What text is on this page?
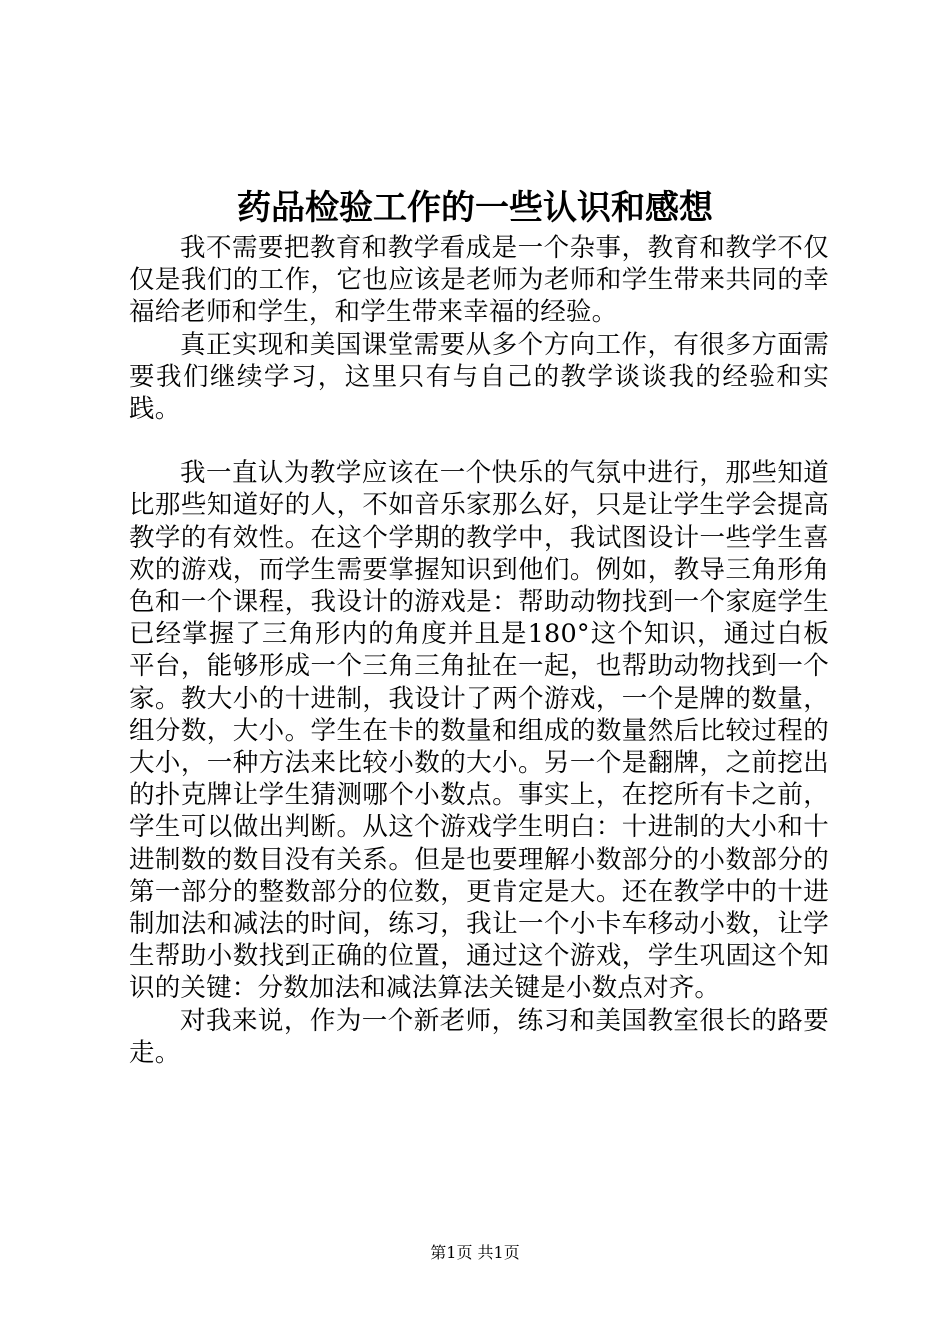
药品检验工作的一些认识和感想

我不需要把教育和教学看成是一个杂事，教育和教学不仅仅是我们的工作，它也应该是老师为老师和学生带来共同的幸福给老师和学生，和学生带来幸福的经验。

真正实现和美国课堂需要从多个方向工作，有很多方面需要我们继续学习，这里只有与自己的教学谈谈我的经验和实践。

我一直认为教学应该在一个快乐的气氛中进行，那些知道比那些知道好的人，不如音乐家那么好，只是让学生学会提高教学的有效性。在这个学期的教学中，我试图设计一些学生喜欢的游戏，而学生需要掌握知识到他们。例如，教导三角形角色和一个课程，我设计的游戏是：帮助动物找到一个家庭学生已经掌握了三角形内的角度并且是180°这个知识，通过白板平台，能够形成一个三角三角扯在一起，也帮助动物找到一个家。教大小的十进制，我设计了两个游戏，一个是牌的数量，组分数，大小。学生在卡的数量和组成的数量然后比较过程的大小，一种方法来比较小数的大小。另一个是翻牌，之前挖出的扑克牌让学生猜测哪个小数点。事实上，在挖所有卡之前，学生可以做出判断。从这个游戏学生明白：十进制的大小和十进制数的数目没有关系。但是也要理解小数部分的小数部分的第一部分的整数部分的位数，更肯定是大。还在教学中的十进制加法和减法的时间，练习，我让一个小卡车移动小数，让学生帮助小数找到正确的位置，通过这个游戏，学生巩固这个知识的关键：分数加法和减法算法关键是小数点对齐。

对我来说，作为一个新老师，练习和美国教室很长的路要走。

第1页 共1页
